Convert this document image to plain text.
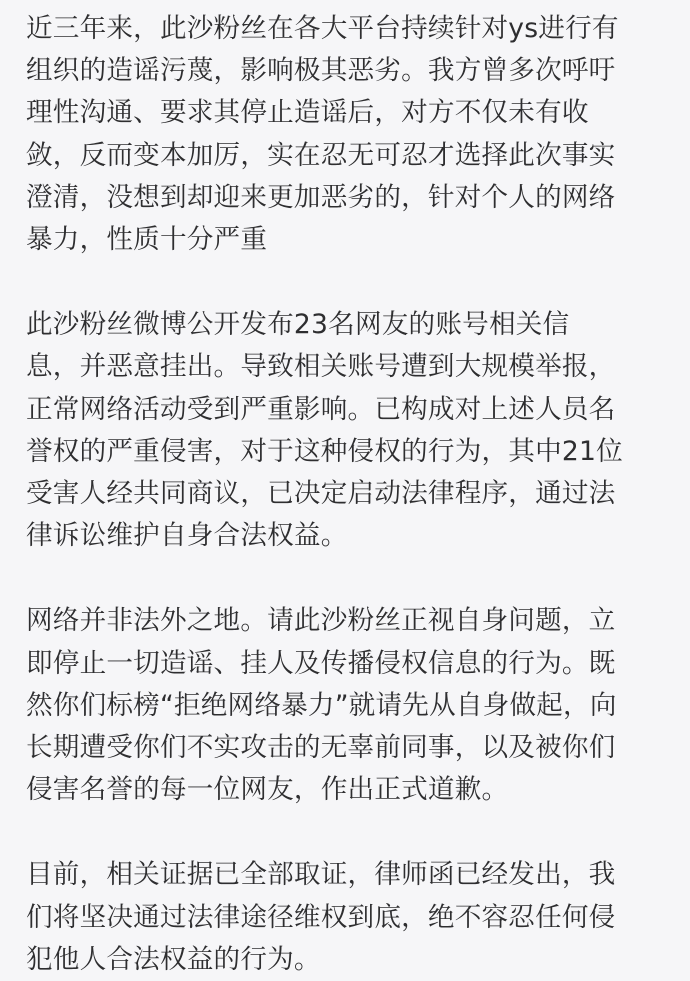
近三年来，此沙粉丝在各大平台持续针对ys进行有
组织的造谣污蔑，影响极其恶劣。我方曾多次呼吁
理性沟通、要求其停止造谣后，对方不仅未有收
敛，反而变本加厉，实在忍无可忍才选择此次事实
澄清，没想到却迎来更加恶劣的，针对个人的网络
暴力，性质十分严重
此沙粉丝微博公开发布23名网友的账号相关信
息，并恶意挂出。导致相关账号遭到大规模举报，
正常网络活动受到严重影响。已构成对上述人员名
誉权的严重侵害，对于这种侵权的行为，其中21位
受害人经共同商议，已决定启动法律程序，通过法
律诉讼维护自身合法权益。
网络并非法外之地。请此沙粉丝正视自身问题，立
即停止一切造谣、挂人及传播侵权信息的行为。既
然你们标榜“拒绝网络暴力”就请先从自身做起，向
长期遭受你们不实攻击的无辜前同事，以及被你们
侵害名誉的每一位网友，作出正式道歉。
目前，相关证据已全部取证，律师函已经发出，我
们将坚决通过法律途径维权到底，绝不容忍任何侵
犯他人合法权益的行为。
